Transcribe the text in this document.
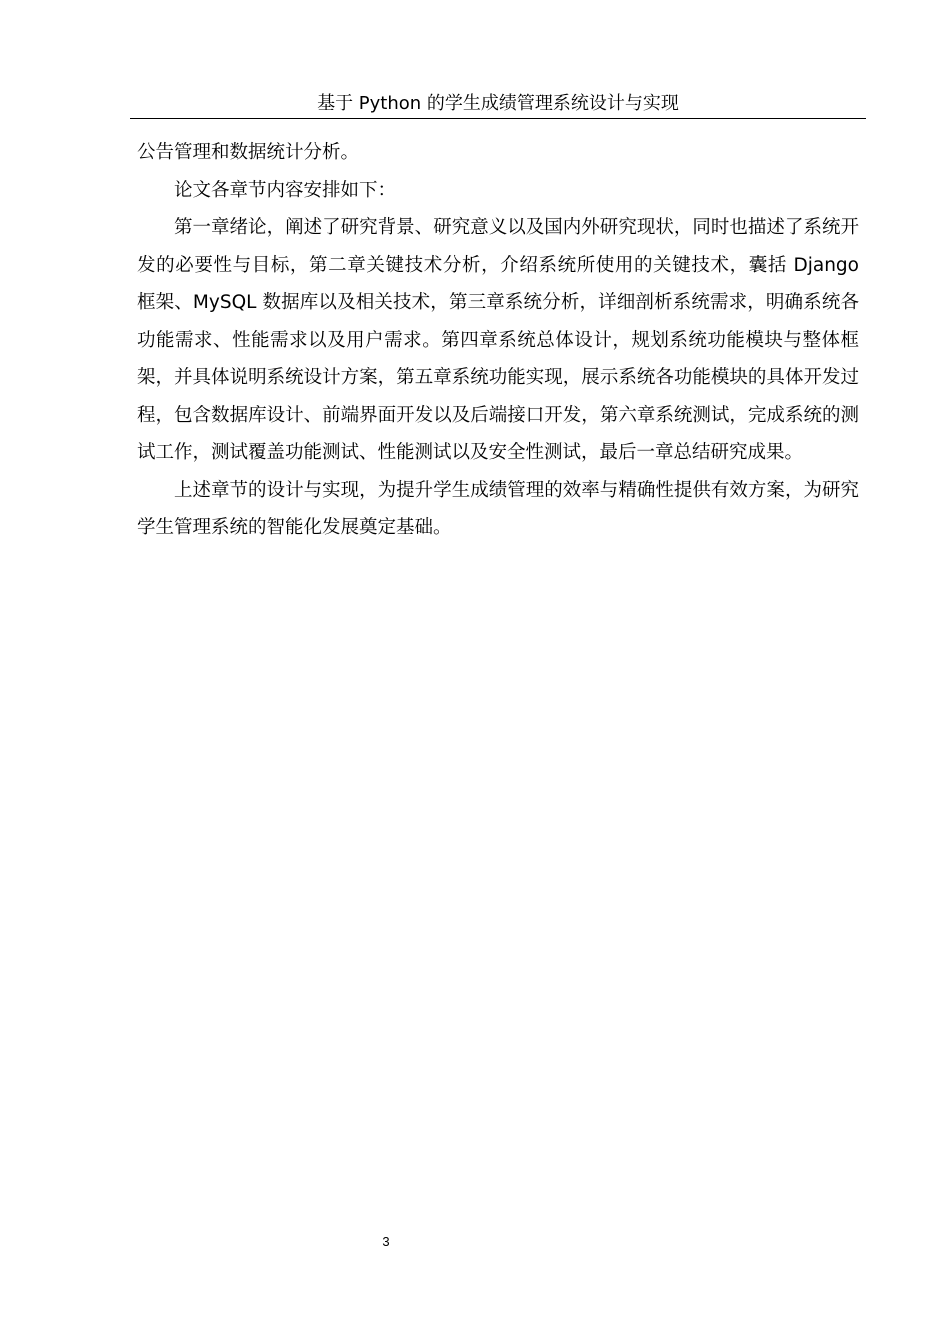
基于 Python 的学生成绩管理系统设计与实现

公告管理和数据统计分析。

论文各章节内容安排如下：

第一章绪论，阐述了研究背景、研究意义以及国内外研究现状，同时也描述了系统开发的必要性与目标，第二章关键技术分析，介绍系统所使用的关键技术，囊括 Django 框架、MySQL 数据库以及相关技术，第三章系统分析，详细剖析系统需求，明确系统各功能需求、性能需求以及用户需求。第四章系统总体设计，规划系统功能模块与整体框架，并具体说明系统设计方案，第五章系统功能实现，展示系统各功能模块的具体开发过程，包含数据库设计、前端界面开发以及后端接口开发，第六章系统测试，完成系统的测试工作，测试覆盖功能测试、性能测试以及安全性测试，最后一章总结研究成果。

上述章节的设计与实现，为提升学生成绩管理的效率与精确性提供有效方案，为研究学生管理系统的智能化发展奠定基础。

3
